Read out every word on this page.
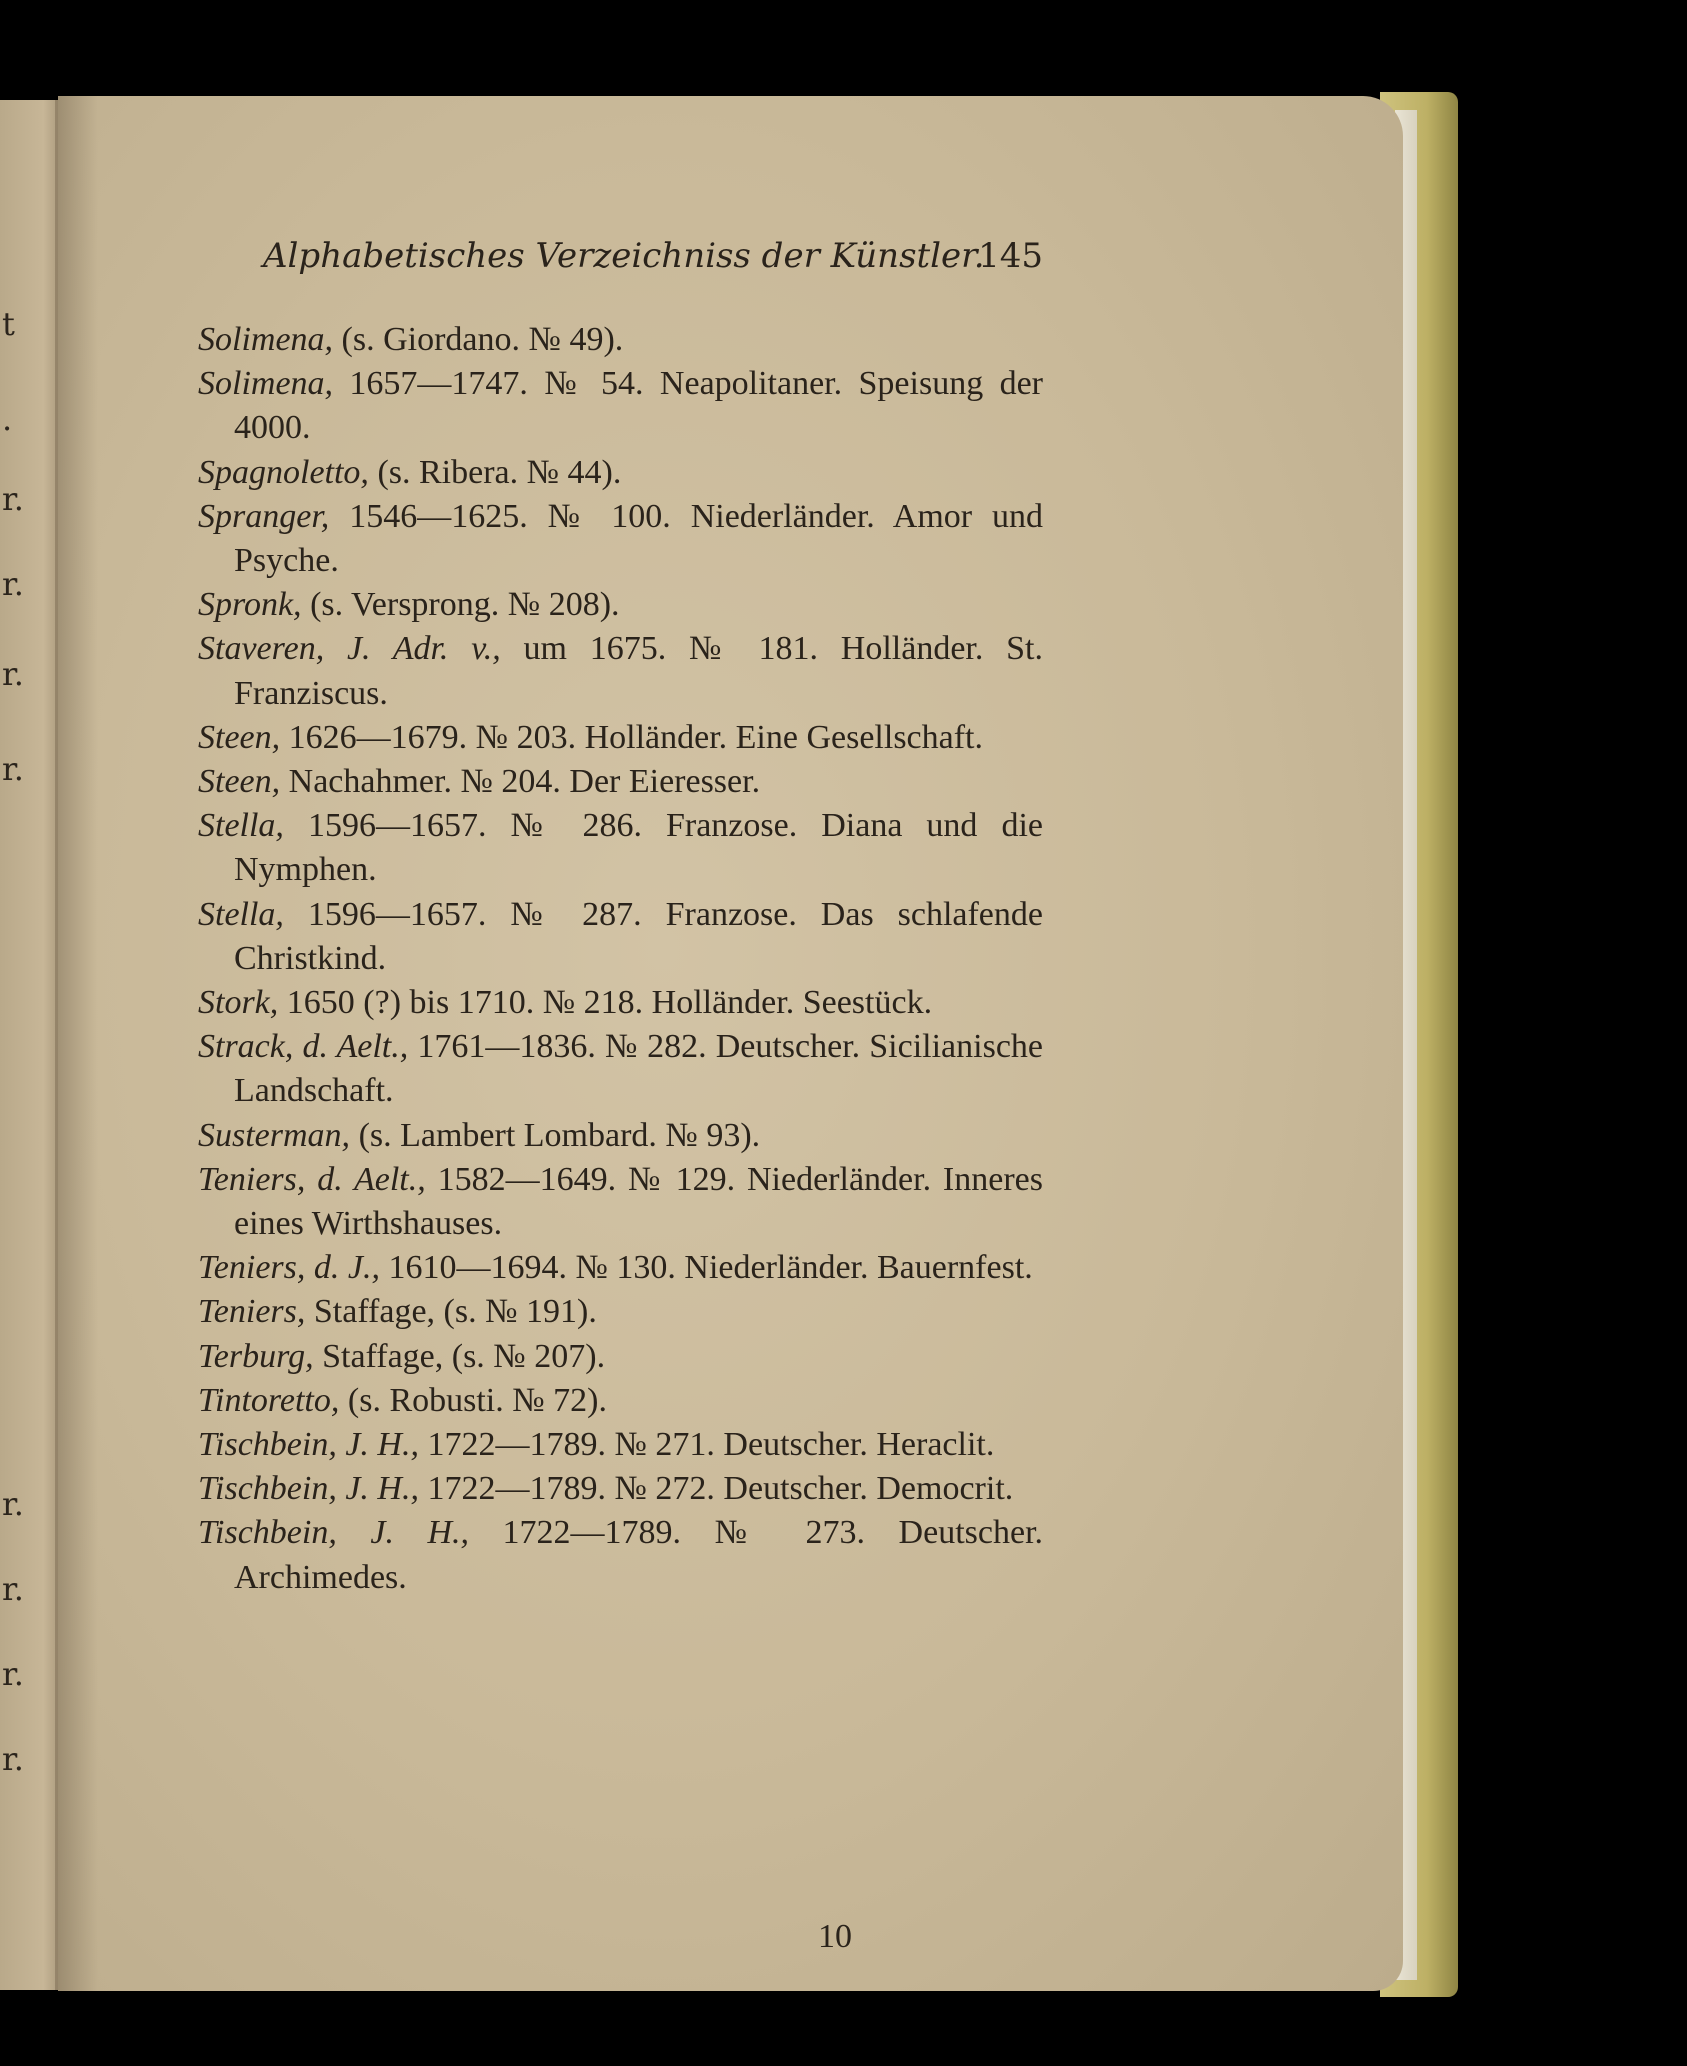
t
.
r.
r.
r.
r.
r.
r.
r.
r.
Alphabetisches Verzeichniss der Künstler.
145
Solimena, (s. Giordano. № 49).
Solimena, 1657—1747. № 54. Neapolitaner. Speisung der 4000.
Spagnoletto, (s. Ribera. № 44).
Spranger, 1546—1625. № 100. Niederländer. Amor und Psyche.
Spronk, (s. Versprong. № 208).
Staveren, J. Adr. v., um 1675. № 181. Holländer. St. Franziscus.
Steen, 1626—1679. № 203. Holländer. Eine Gesellschaft.
Steen, Nachahmer. № 204. Der Eieresser.
Stella, 1596—1657. № 286. Franzose. Diana und die Nymphen.
Stella, 1596—1657. № 287. Franzose. Das schlafende Christkind.
Stork, 1650 (?) bis 1710. № 218. Holländer. Seestück.
Strack, d. Aelt., 1761—1836. № 282. Deutscher. Sicilianische Landschaft.
Susterman, (s. Lambert Lombard. № 93).
Teniers, d. Aelt., 1582—1649. № 129. Niederländer. Inneres eines Wirthshauses.
Teniers, d. J., 1610—1694. № 130. Niederländer. Bauernfest.
Teniers, Staffage, (s. № 191).
Terburg, Staffage, (s. № 207).
Tintoretto, (s. Robusti. № 72).
Tischbein, J. H., 1722—1789. № 271. Deutscher. Heraclit.
Tischbein, J. H., 1722—1789. № 272. Deutscher. Democrit.
Tischbein, J. H., 1722—1789. № 273. Deutscher. Archimedes.
10
